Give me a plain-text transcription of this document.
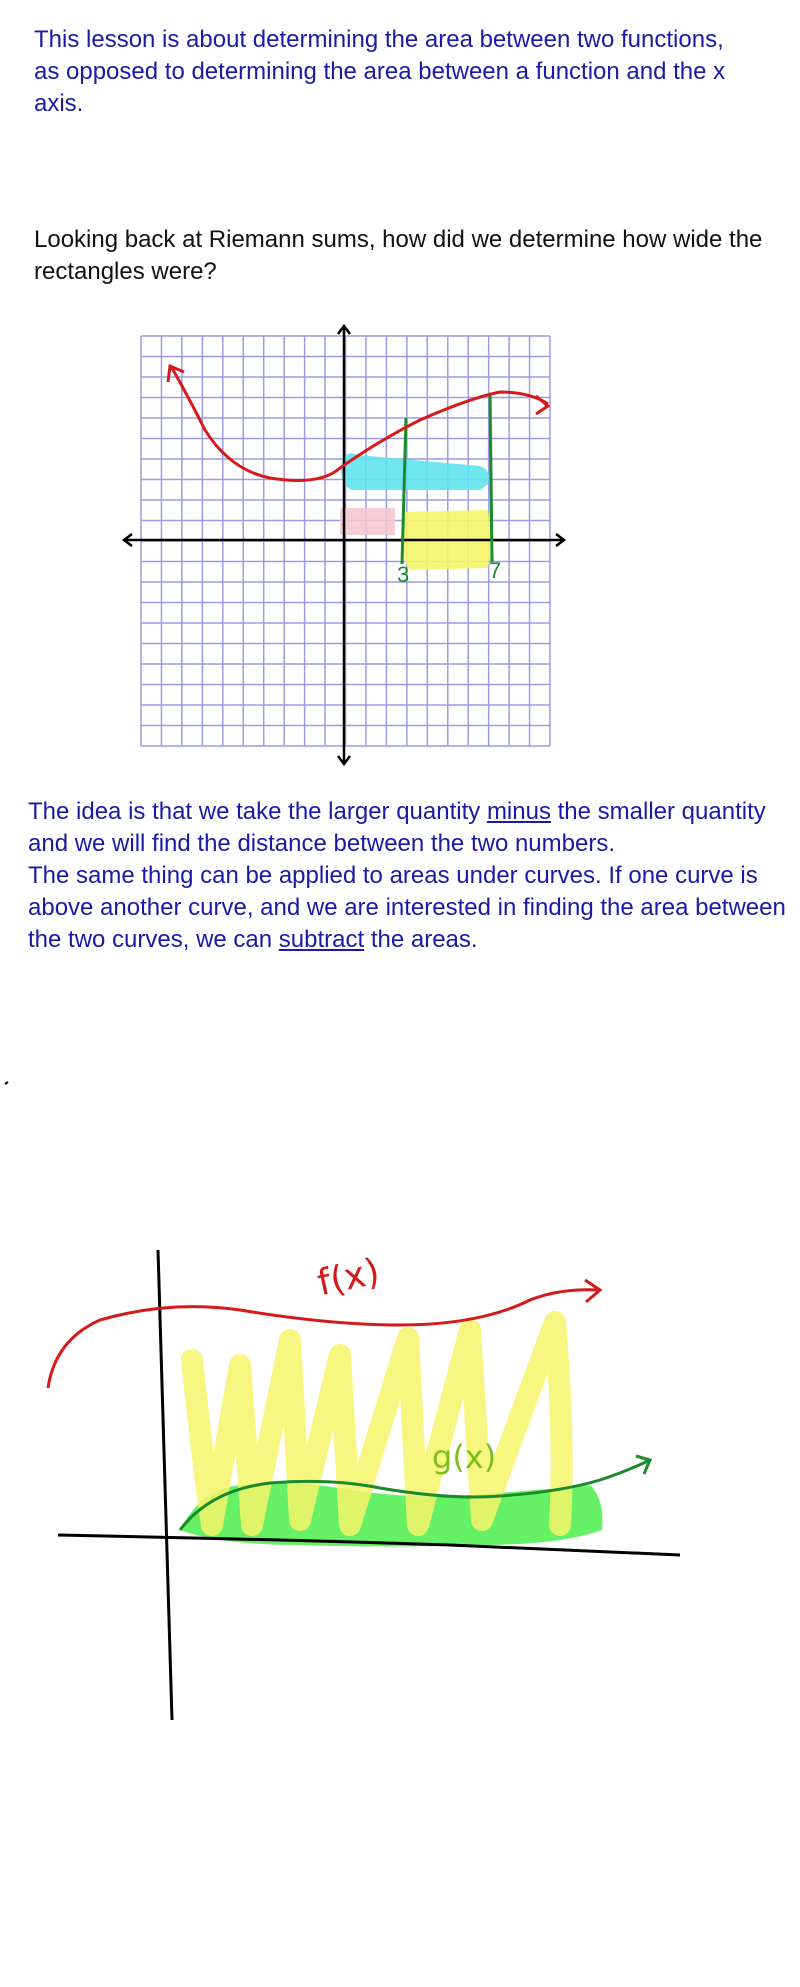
This lesson is about determining the area between two functions, as opposed to determining the area between a function and the x axis.

Looking back at Riemann sums, how did we determine how wide the rectangles were?

3	7
f(x)
g(x)

The idea is that we take the larger quantity minus the smaller quantity and we will find the distance between the two numbers.

The same thing can be applied to areas under curves. If one curve is above another curve, and we are interested in finding the area between the two curves, we can subtract the areas.
